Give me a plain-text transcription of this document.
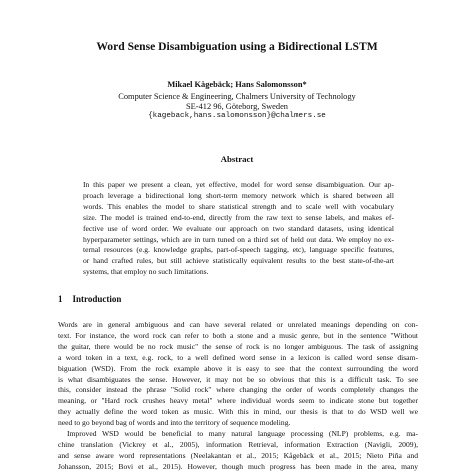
Word Sense Disambiguation using a Bidirectional LSTM
Mikael Kågebäck; Hans Salomonsson*
Computer Science & Engineering, Chalmers University of Technology
SE-412 96, Göteborg, Sweden
{kageback,hans.salomonsson}@chalmers.se
Abstract
In this paper we present a clean, yet effective, model for word sense disambiguation. Our ap-
proach leverage a bidirectional long short-term memory network which is shared between all
words. This enables the model to share statistical strength and to scale well with vocabulary
size. The model is trained end-to-end, directly from the raw text to sense labels, and makes ef-
fective use of word order. We evaluate our approach on two standard datasets, using identical
hyperparameter settings, which are in turn tuned on a third set of held out data. We employ no ex-
ternal resources (e.g. knowledge graphs, part-of-speech tagging, etc), language specific features,
or hand crafted rules, but still achieve statistically equivalent results to the best state-of-the-art
systems, that employ no such limitations.
1 Introduction

Words are in general ambiguous and can have several related or unrelated meanings depending on con-
text. For instance, the word rock can refer to both a stone and a music genre, but in the sentence "Without
the guitar, there would be no rock music" the sense of rock is no longer ambiguous. The task of assigning
a word token in a text, e.g. rock, to a well defined word sense in a lexicon is called word sense disam-
biguation (WSD). From the rock example above it is easy to see that the context surrounding the word
is what disambiguates the sense. However, it may not be so obvious that this is a difficult task. To see
this, consider instead the phrase "Solid rock" where changing the order of words completely changes the
meaning, or "Hard rock crushes heavy metal" where individual words seem to indicate stone but together
they actually define the word token as music. With this in mind, our thesis is that to do WSD well we
need to go beyond bag of words and into the territory of sequence modeling.

Improved WSD would be beneficial to many natural language processing (NLP) problems, e.g. ma-
chine translation (Vickrey et al., 2005), information Retrieval, information Extraction (Navigli, 2009),
and sense aware word representations (Neelakantan et al., 2015; Kågebäck et al., 2015; Nieto Piña and
Johansson, 2015; Bovi et al., 2015). However, though much progress has been made in the area, many
